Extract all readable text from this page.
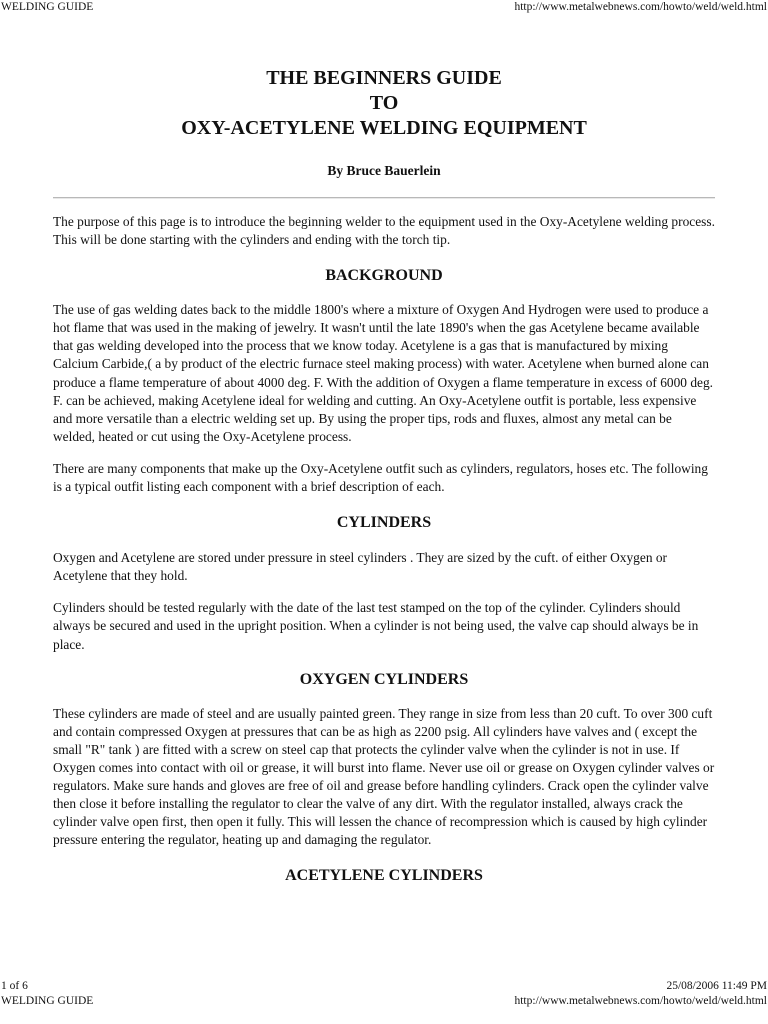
WELDING GUIDE	http://www.metalwebnews.com/howto/weld/weld.html
THE BEGINNERS GUIDE
TO
OXY-ACETYLENE WELDING EQUIPMENT
By Bruce Bauerlein

The purpose of this page is to introduce the beginning welder to the equipment used in the Oxy-Acetylene welding process. This will be done starting with the cylinders and ending with the torch tip.

BACKGROUND

The use of gas welding dates back to the middle 1800's where a mixture of Oxygen And Hydrogen were used to produce a hot flame that was used in the making of jewelry. It wasn't until the late 1890's when the gas Acetylene became available that gas welding developed into the process that we know today. Acetylene is a gas that is manufactured by mixing Calcium Carbide,( a by product of the electric furnace steel making process) with water. Acetylene when burned alone can produce a flame temperature of about 4000 deg. F. With the addition of Oxygen a flame temperature in excess of 6000 deg. F. can be achieved, making Acetylene ideal for welding and cutting. An Oxy-Acetylene outfit is portable, less expensive and more versatile than a electric welding set up. By using the proper tips, rods and fluxes, almost any metal can be welded, heated or cut using the Oxy-Acetylene process.

There are many components that make up the Oxy-Acetylene outfit such as cylinders, regulators, hoses etc. The following is a typical outfit listing each component with a brief description of each.

CYLINDERS

Oxygen and Acetylene are stored under pressure in steel cylinders . They are sized by the cuft. of either Oxygen or Acetylene that they hold.

Cylinders should be tested regularly with the date of the last test stamped on the top of the cylinder. Cylinders should always be secured and used in the upright position. When a cylinder is not being used, the valve cap should always be in place.

OXYGEN CYLINDERS

These cylinders are made of steel and are usually painted green. They range in size from less than 20 cuft. To over 300 cuft and contain compressed Oxygen at pressures that can be as high as 2200 psig. All cylinders have valves and ( except the small "R" tank ) are fitted with a screw on steel cap that protects the cylinder valve when the cylinder is not in use. If Oxygen comes into contact with oil or grease, it will burst into flame. Never use oil or grease on Oxygen cylinder valves or regulators. Make sure hands and gloves are free of oil and grease before handling cylinders. Crack open the cylinder valve then close it before installing the regulator to clear the valve of any dirt. With the regulator installed, always crack the cylinder valve open first, then open it fully. This will lessen the chance of recompression which is caused by high cylinder pressure entering the regulator, heating up and damaging the regulator.

ACETYLENE CYLINDERS
1 of 6	25/08/2006 11:49 PM
WELDING GUIDE	http://www.metalwebnews.com/howto/weld/weld.html
